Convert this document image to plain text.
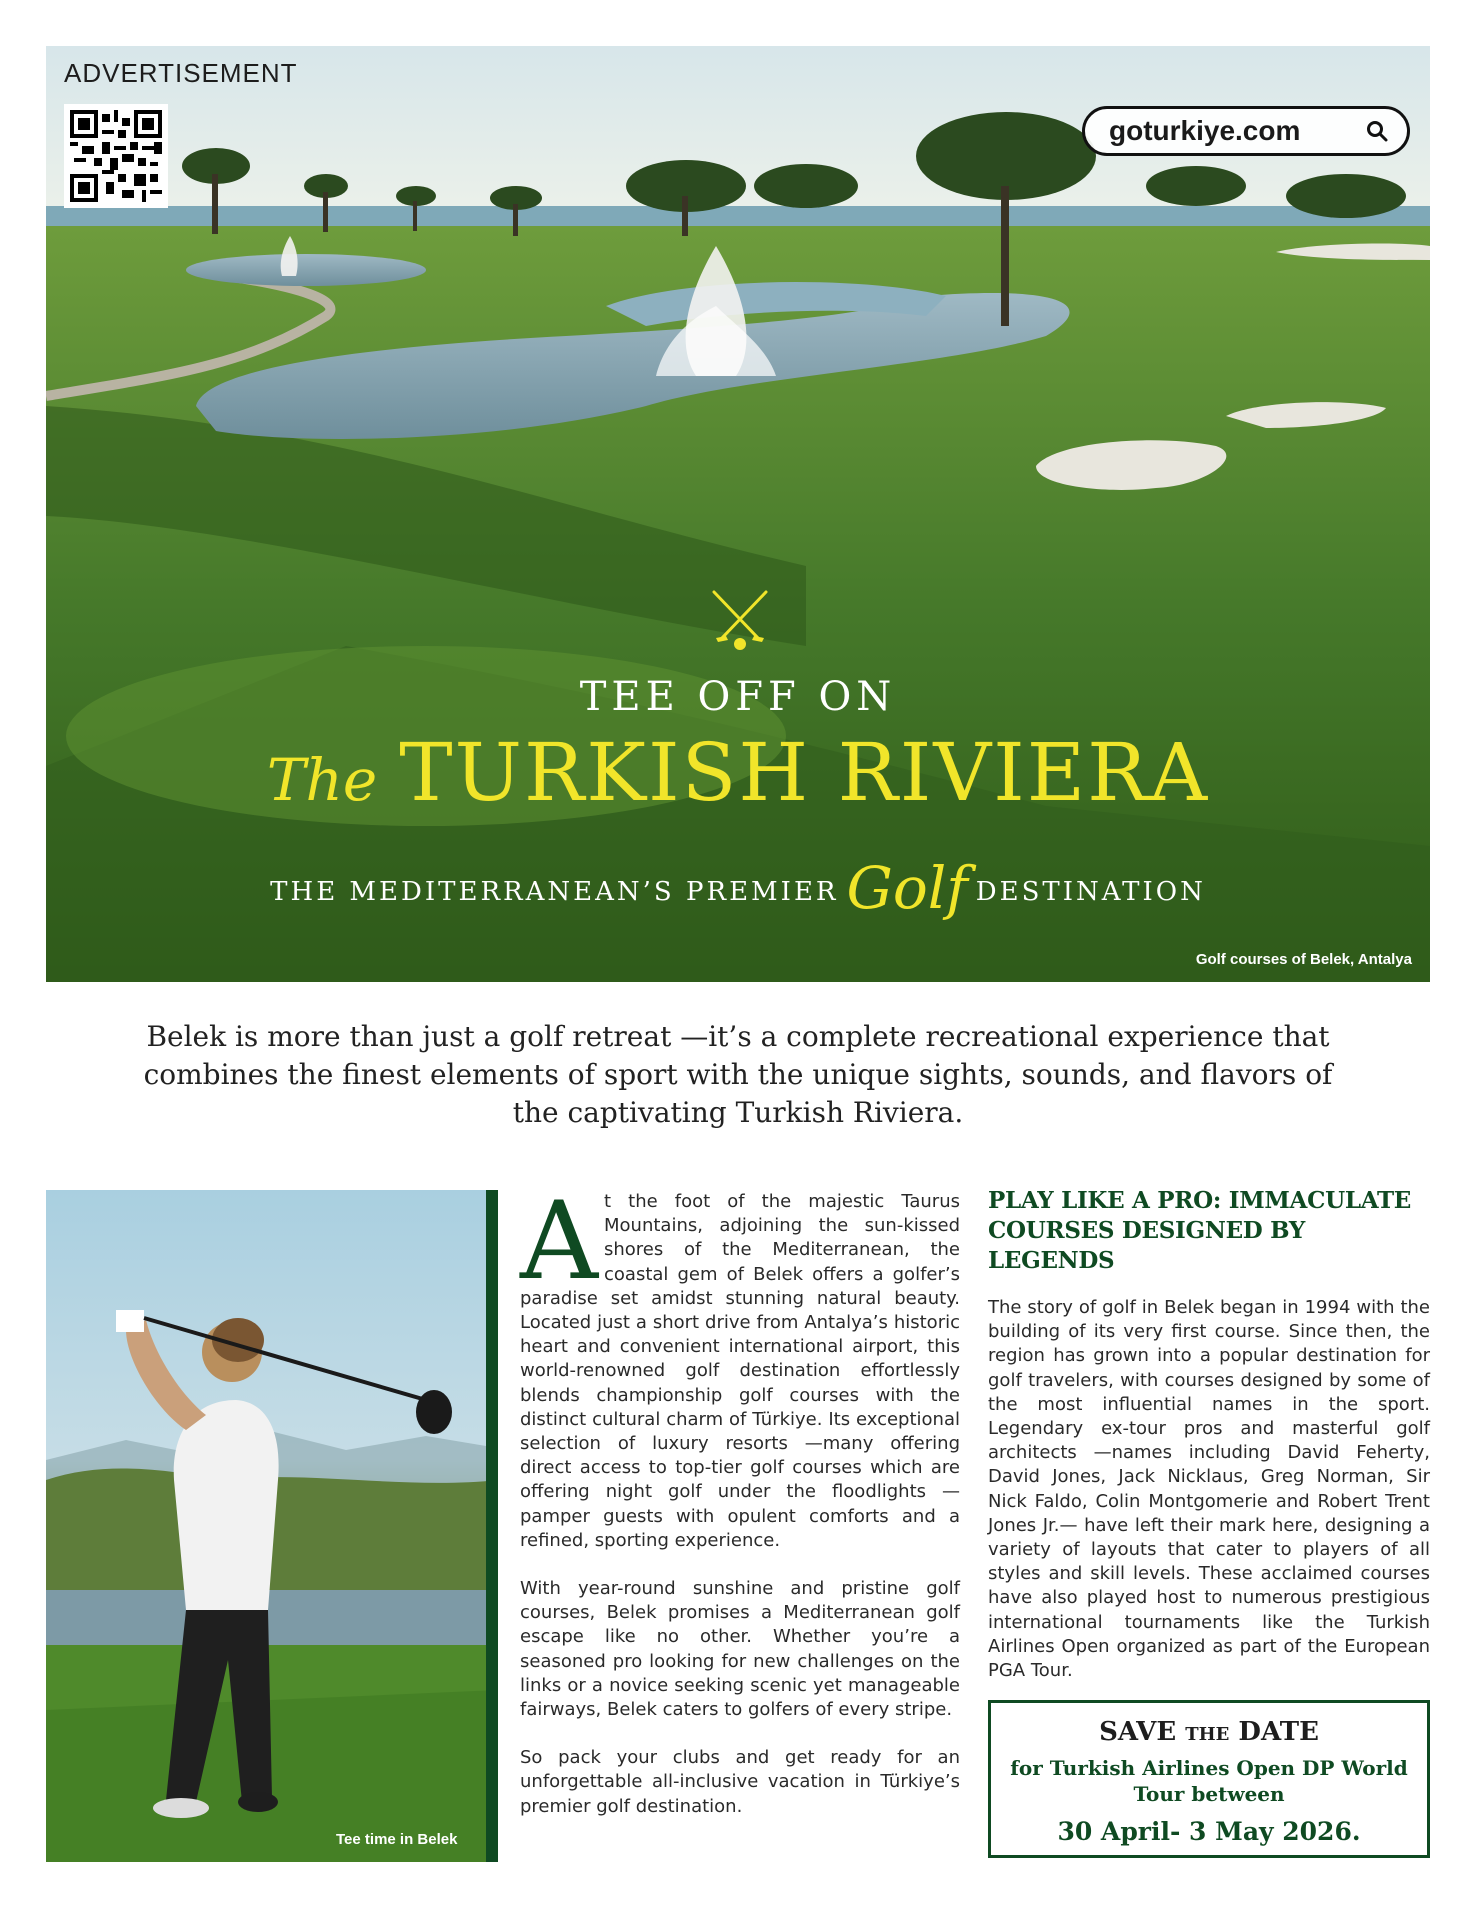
ADVERTISEMENT
goturkiye.com
TEE OFF ON
The TURKISH RIVIERA
THE MEDITERRANEAN’S PREMIER Golf DESTINATION
Golf courses of Belek, Antalya
Belek is more than just a golf retreat —it’s a complete recreational experience that combines the finest elements of sport with the unique sights, sounds, and flavors of the captivating Turkish Riviera.
Tee time in Belek

At the foot of the majestic Taurus Mountains, adjoining the sun-kissed shores of the Mediterranean, the coastal gem of Belek offers a golfer’s paradise set amidst stunning natural beauty. Located just a short drive from Antalya’s historic heart and convenient international airport, this world-renowned golf destination effortlessly blends championship golf courses with the distinct cultural charm of Türkiye. Its exceptional selection of luxury resorts —many offering direct access to top-tier golf courses which are offering night golf under the floodlights — pamper guests with opulent comforts and a refined, sporting experience.

With year-round sunshine and pristine golf courses, Belek promises a Mediterranean golf escape like no other. Whether you’re a seasoned pro looking for new challenges on the links or a novice seeking scenic yet manageable fairways, Belek caters to golfers of every stripe.

So pack your clubs and get ready for an unforgettable all-inclusive vacation in Türkiye’s premier golf destination.

PLAY LIKE A PRO: IMMACULATE COURSES DESIGNED BY LEGENDS

The story of golf in Belek began in 1994 with the building of its very first course. Since then, the region has grown into a popular destination for golf travelers, with courses designed by some of the most influential names in the sport. Legendary ex-tour pros and masterful golf architects —names including David Feherty, David Jones, Jack Nicklaus, Greg Norman, Sir Nick Faldo, Colin Montgomerie and Robert Trent Jones Jr.— have left their mark here, designing a variety of layouts that cater to players of all styles and skill levels. These acclaimed courses have also played host to numerous prestigious international tournaments like the Turkish Airlines Open organized as part of the European PGA Tour.

SAVE THE DATE
for Turkish Airlines Open DP World Tour between
30 April- 3 May 2026.
